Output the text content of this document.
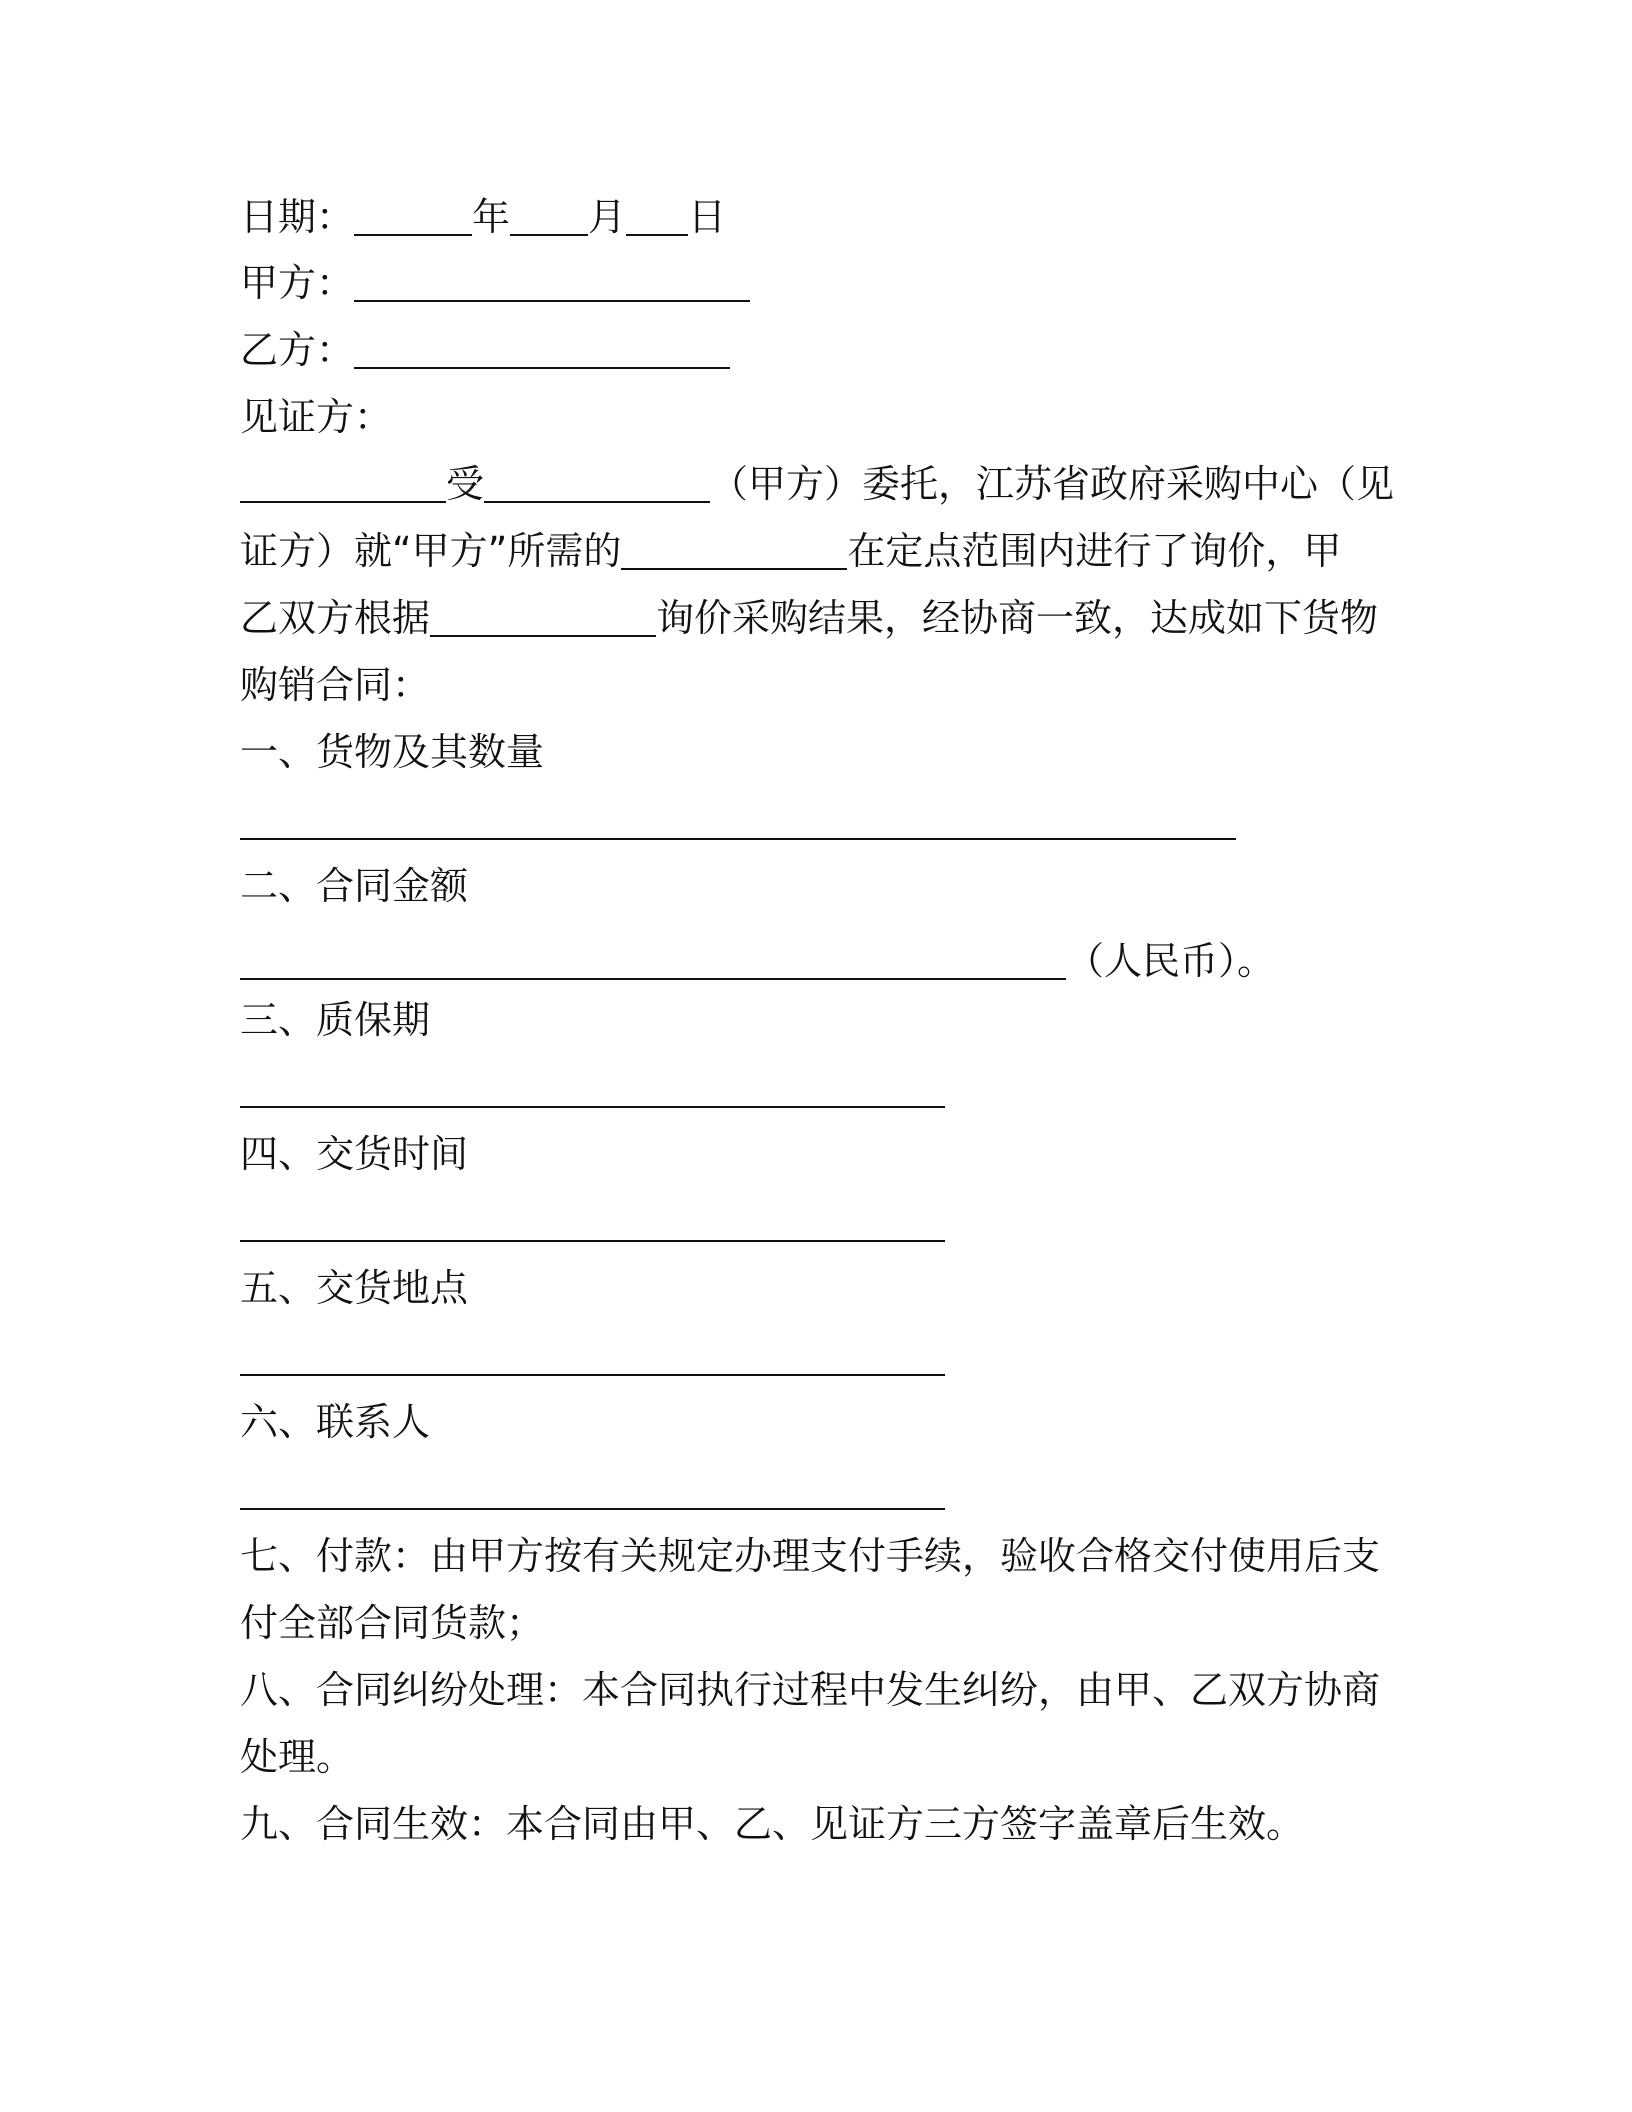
日期：	年 月 日
甲方：
乙方：
见证方：
受	（甲方）委托，江苏省政府采购中心（见
证方）就“甲方”所需的	在定点范围内进行了询价，甲
乙双方根据	询价采购结果，经协商一致，达成如下货物
购销合同：
一、货物及其数量
二、合同金额
（人民币）。
三、质保期
四、交货时间
五、交货地点
六、联系人
七、付款：由甲方按有关规定办理支付手续，验收合格交付使用后支
付全部合同货款；
八、合同纠纷处理：本合同执行过程中发生纠纷，由甲、乙双方协商
处理。
九、合同生效：本合同由甲、乙、见证方三方签字盖章后生效。
